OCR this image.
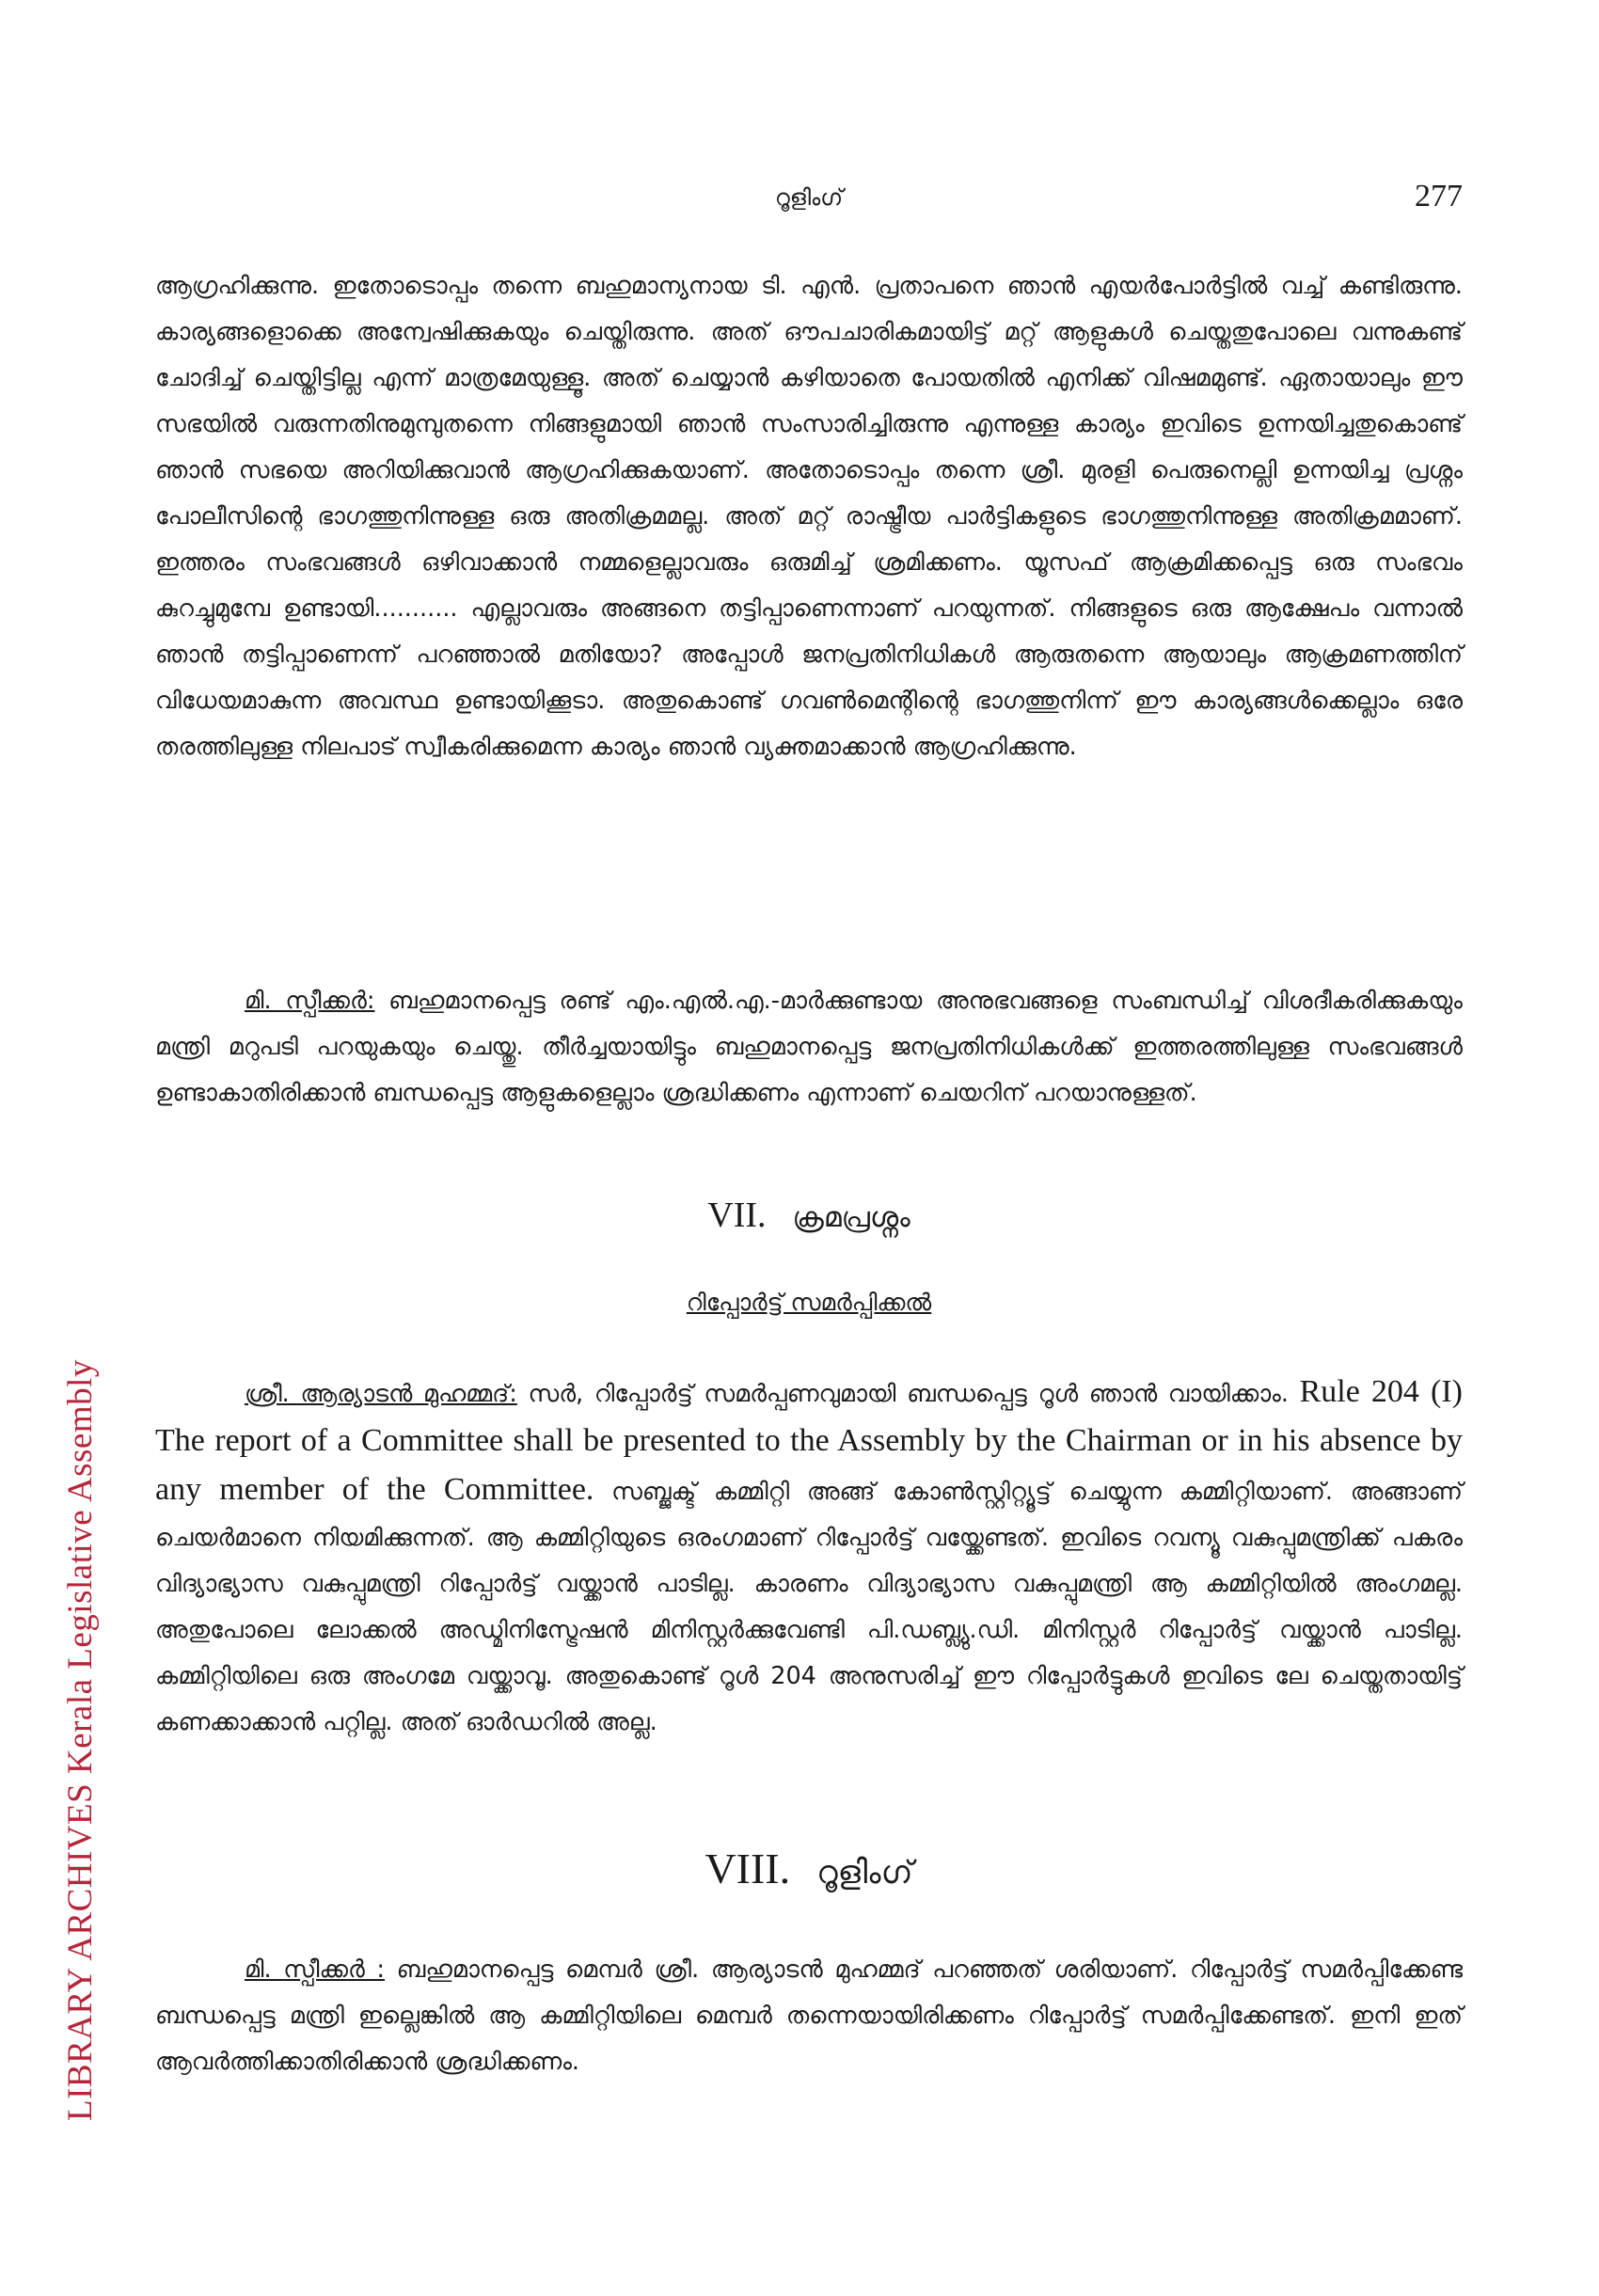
LIBRARY ARCHIVES Kerala Legislative Assembly
റൂളിംഗ്	277

ആഗ്രഹിക്കുന്നു. ഇതോടൊപ്പം തന്നെ ബഹുമാന്യനായ ടി. എൻ. പ്രതാപനെ ഞാൻ എയർപോർട്ടിൽ വച്ച് കണ്ടിരുന്നു. കാര്യങ്ങളൊക്കെ അന്വേഷിക്കുകയും ചെയ്തിരുന്നു. അത് ഔപചാരികമായിട്ട് മറ്റ് ആളുകൾ ചെയ്തതുപോലെ വന്നുകണ്ട് ചോദിച്ച് ചെയ്തിട്ടില്ല എന്ന് മാത്രമേയുള്ളൂ. അത് ചെയ്യാൻ കഴിയാതെ പോയതിൽ എനിക്ക് വിഷമമുണ്ട്. ഏതായാലും ഈ സഭയിൽ വരുന്നതിനുമുമ്പുതന്നെ നിങ്ങളുമായി ഞാൻ സംസാരിച്ചിരുന്നു എന്നുള്ള കാര്യം ഇവിടെ ഉന്നയിച്ചതുകൊണ്ട് ഞാൻ സഭയെ അറിയിക്കുവാൻ ആഗ്രഹിക്കുകയാണ്. അതോടൊപ്പം തന്നെ ശ്രീ. മുരളി പെരുനെല്ലി ഉന്നയിച്ച പ്രശ്നം പോലീസിന്റെ ഭാഗത്തുനിന്നുള്ള ഒരു അതിക്രമമല്ല. അത് മറ്റ് രാഷ്ട്രീയ പാർട്ടികളുടെ ഭാഗത്തുനിന്നുള്ള അതിക്രമമാണ്. ഇത്തരം സംഭവങ്ങൾ ഒഴിവാക്കാൻ നമ്മളെല്ലാവരും ഒരുമിച്ച് ശ്രമിക്കണം. യൂസഫ് ആക്രമിക്കപ്പെട്ട ഒരു സംഭവം കുറച്ചുമുമ്പേ ഉണ്ടായി........... എല്ലാവരും അങ്ങനെ തട്ടിപ്പാണെന്നാണ് പറയുന്നത്. നിങ്ങളുടെ ഒരു ആക്ഷേപം വന്നാൽ ഞാൻ തട്ടിപ്പാണെന്ന് പറഞ്ഞാൽ മതിയോ? അപ്പോൾ ജനപ്രതിനിധികൾ ആരുതന്നെ ആയാലും ആക്രമണത്തിന് വിധേയമാകുന്ന അവസ്ഥ ഉണ്ടായിക്കൂടാ. അതുകൊണ്ട് ഗവൺമെന്റിന്റെ ഭാഗത്തുനിന്ന് ഈ കാര്യങ്ങൾക്കെല്ലാം ഒരേ തരത്തിലുള്ള നിലപാട് സ്വീകരിക്കുമെന്ന കാര്യം ഞാൻ വ്യക്തമാക്കാൻ ആഗ്രഹിക്കുന്നു.

മി. സ്പീക്കർ: ബഹുമാനപ്പെട്ട രണ്ട് എം.എൽ.എ.-മാർക്കുണ്ടായ അനുഭവങ്ങളെ സംബന്ധിച്ച് വിശദീകരിക്കുകയും മന്ത്രി മറുപടി പറയുകയും ചെയ്തു. തീർച്ചയായിട്ടും ബഹുമാനപ്പെട്ട ജനപ്രതിനിധികൾക്ക് ഇത്തരത്തിലുള്ള സംഭവങ്ങൾ ഉണ്ടാകാതിരിക്കാൻ ബന്ധപ്പെട്ട ആളുകളെല്ലാം ശ്രദ്ധിക്കണം എന്നാണ് ചെയറിന് പറയാനുള്ളത്.

VII. ക്രമപ്രശ്നം
റിപ്പോർട്ട് സമർപ്പിക്കൽ

ശ്രീ. ആര്യാടൻ മുഹമ്മദ്: സർ, റിപ്പോർട്ട് സമർപ്പണവുമായി ബന്ധപ്പെട്ട റൂൾ ഞാൻ വായിക്കാം. Rule 204 (I) The report of a Committee shall be presented to the Assembly by the Chairman or in his absence by any member of the Committee. സബ്ജക്ട് കമ്മിറ്റി അങ്ങ് കോൺസ്റ്റിറ്റ്യൂട്ട് ചെയ്യുന്ന കമ്മിറ്റിയാണ്. അങ്ങാണ് ചെയർമാനെ നിയമിക്കുന്നത്. ആ കമ്മിറ്റിയുടെ ഒരംഗമാണ് റിപ്പോർട്ട് വയ്ക്കേണ്ടത്. ഇവിടെ റവന്യൂ വകുപ്പുമന്ത്രിക്ക് പകരം വിദ്യാഭ്യാസ വകുപ്പുമന്ത്രി റിപ്പോർട്ട് വയ്ക്കാൻ പാടില്ല. കാരണം വിദ്യാഭ്യാസ വകുപ്പുമന്ത്രി ആ കമ്മിറ്റിയിൽ അംഗമല്ല. അതുപോലെ ലോക്കൽ അഡ്മിനിസ്ട്രേഷൻ മിനിസ്റ്റർക്കുവേണ്ടി പി.ഡബ്ല്യു.ഡി. മിനിസ്റ്റർ റിപ്പോർട്ട് വയ്ക്കാൻ പാടില്ല. കമ്മിറ്റിയിലെ ഒരു അംഗമേ വയ്ക്കാവൂ. അതുകൊണ്ട് റൂൾ 204 അനുസരിച്ച് ഈ റിപ്പോർട്ടുകൾ ഇവിടെ ലേ ചെയ്തതായിട്ട് കണക്കാക്കാൻ പറ്റില്ല. അത് ഓർഡറിൽ അല്ല.

VIII. റൂളിംഗ്

മി. സ്പീക്കർ : ബഹുമാനപ്പെട്ട മെമ്പർ ശ്രീ. ആര്യാടൻ മുഹമ്മദ് പറഞ്ഞത് ശരിയാണ്. റിപ്പോർട്ട് സമർപ്പിക്കേണ്ട ബന്ധപ്പെട്ട മന്ത്രി ഇല്ലെങ്കിൽ ആ കമ്മിറ്റിയിലെ മെമ്പർ തന്നെയായിരിക്കണം റിപ്പോർട്ട് സമർപ്പിക്കേണ്ടത്. ഇനി ഇത് ആവർത്തിക്കാതിരിക്കാൻ ശ്രദ്ധിക്കണം.
